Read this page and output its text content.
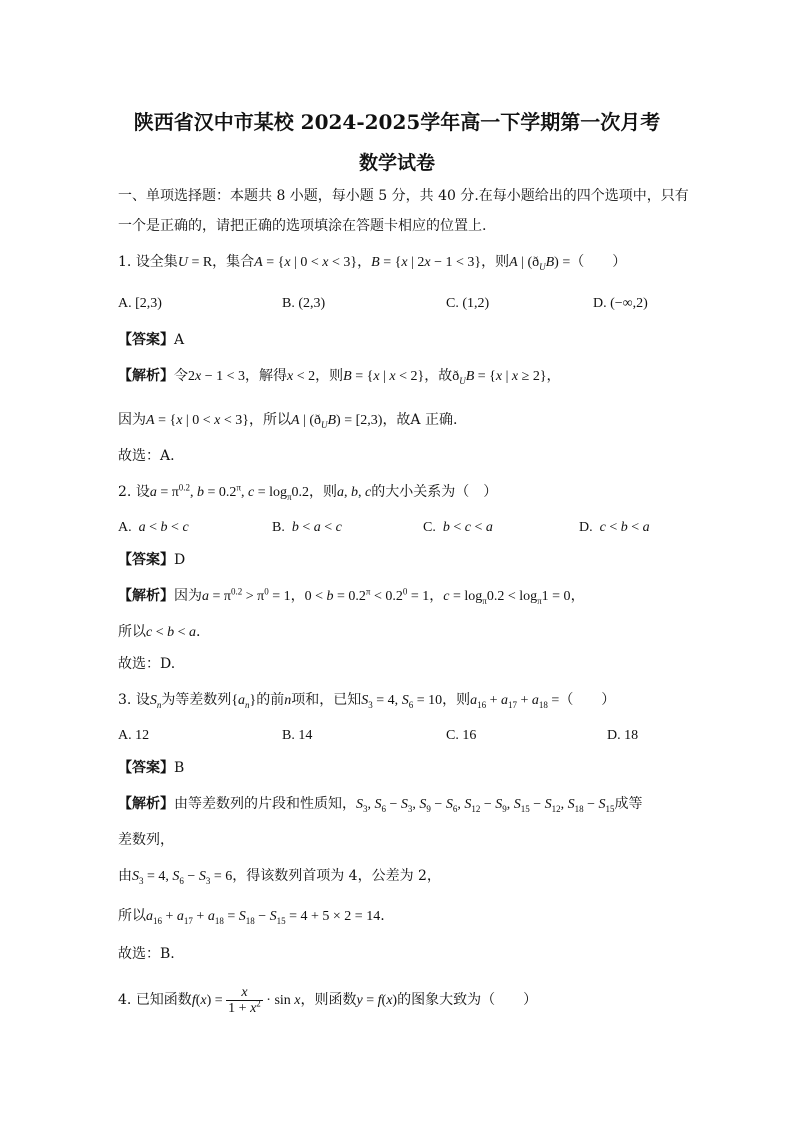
陕西省汉中市某校 2024-2025学年高一下学期第一次月考
数学试卷
一、单项选择题：本题共 8 小题，每小题 5 分，共 40 分.在每小题给出的四个选项中，只有
一个是正确的，请把正确的选项填涂在答题卡相应的位置上.
1. 设全集U = R，集合A = {x | 0 < x < 3}，B = {x | 2x − 1 < 3}，则A | $(ð_UB)$ =（　　）
A. [2,3)	B. (2,3)	C. (1,2)	D. (−∞,2)
【答案】A
【解析】令2x − 1 < 3，解得x < 2，则B = {x | x < 2}，故$ð_UB = \{x$ | x ≥ 2}，
因为A = {x | 0 < x < 3}，所以A | $(ð_UB) = [2,3)$，故A 正确.
故选：A.
2. 设$a = \pi^{0.2}$, $b = 0.2^\pi$, $c = \log_\pi 0.2$，则a, b, c的大小关系为（　）
A. a < b < c	B. b < a < c	C. b < c < a	D. c < b < a
【答案】D
【解析】因为$a = \pi^{0.2} > \pi^0 = 1$，$0 < b = 0.2^\pi < 0.2^0 = 1$，$c = \log_\pi 0.2 < \log_\pi 1 = 0$，
所以c < b < a.
故选：D.
3. 设$S_n$为等差数列$\{a_n\}$的前n项和，已知$S_3 = 4$, $S_6 = 10$，则$a_{16} + a_{17} + a_{18}$ =（　　）
A. 12	B. 14	C. 16	D. 18
【答案】B
【解析】由等差数列的片段和性质知，$S_3$, $S_6 - S_3$, $S_9 - S_6$, $S_{12} - S_9$, $S_{15} - S_{12}$, $S_{18} - S_{15}$成等
差数列，
由$S_3 = 4$, $S_6 - S_3 = 6$，得该数列首项为 4，公差为 2，
所以$a_{16} + a_{17} + a_{18} = S_{18} - S_{15} = 4 + 5 \times 2 = 14$.
故选：B.
4. 已知函数$f(x) = \frac{x}{1 + x^2} \cdot \sin x$，则函数y = f(x)的图象大致为（　　）
